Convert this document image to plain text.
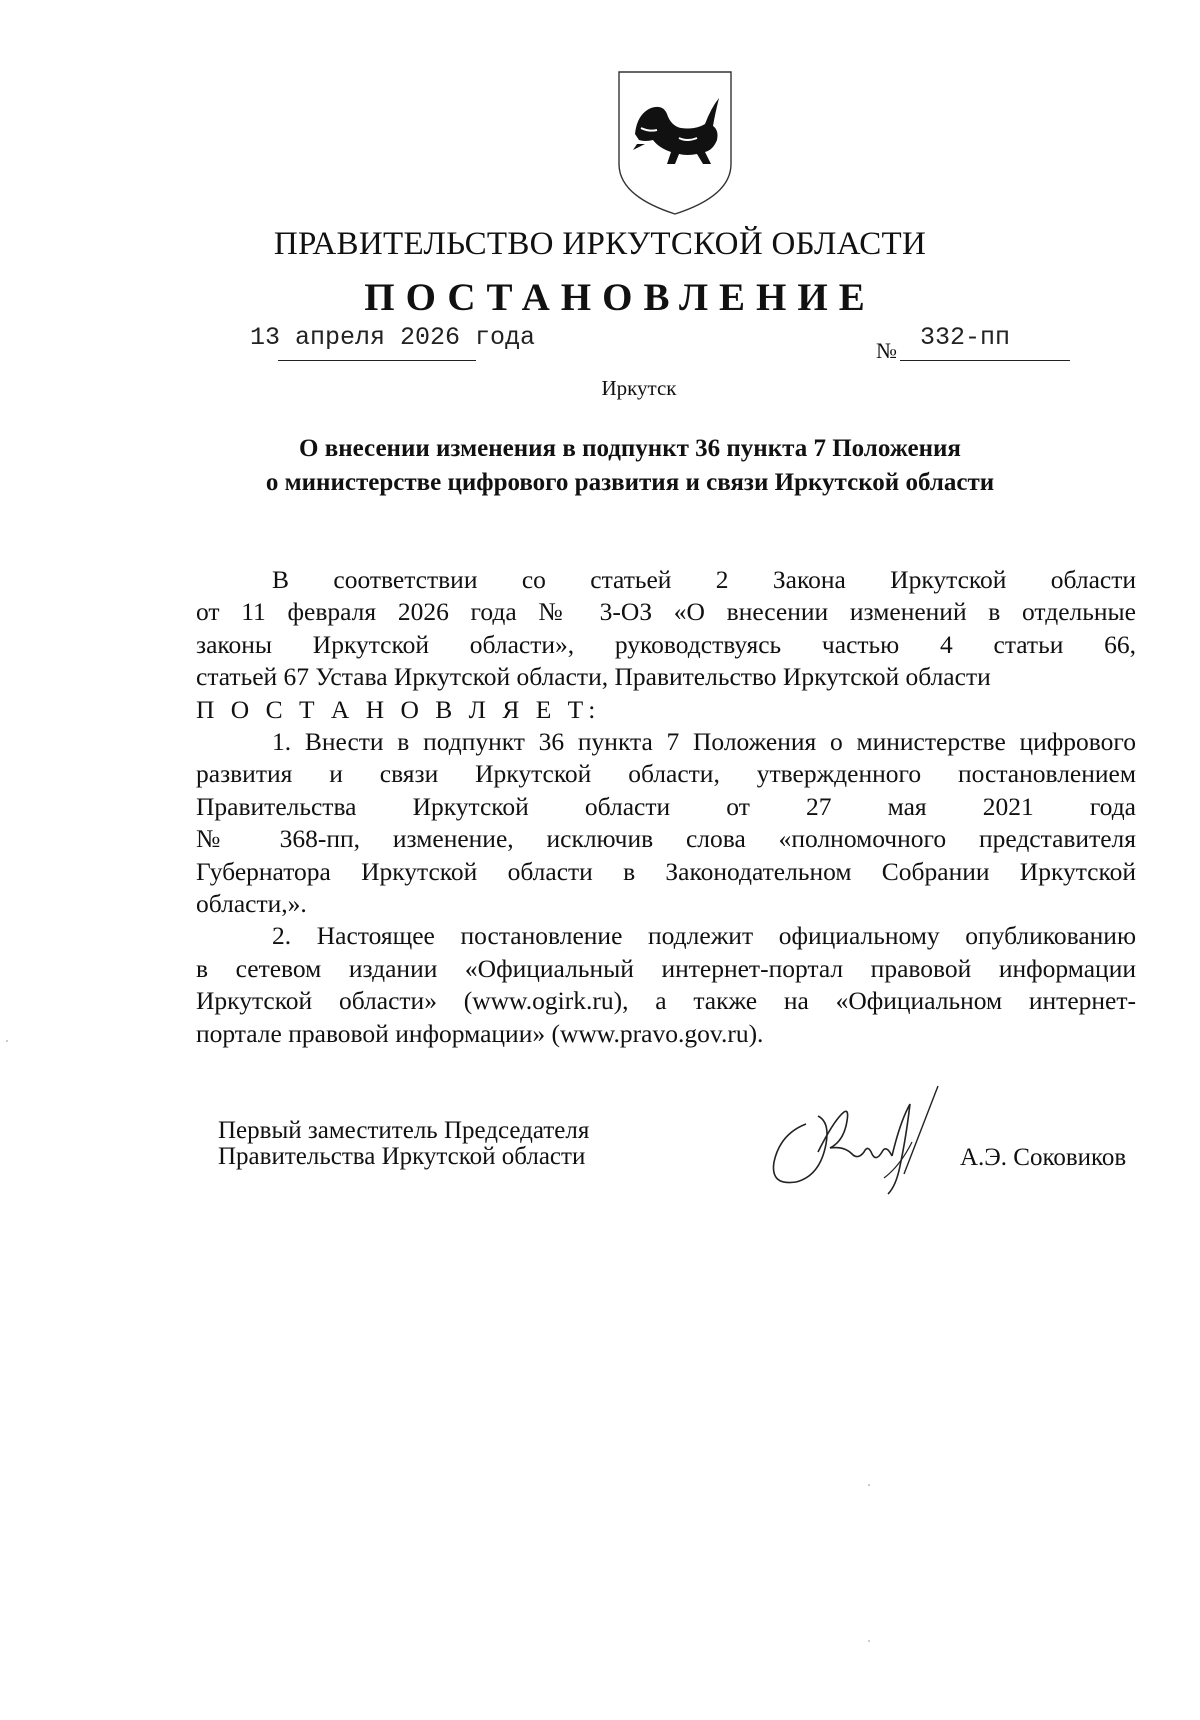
ПРАВИТЕЛЬСТВО ИРКУТСКОЙ ОБЛАСТИ
ПОСТАНОВЛЕНИЕ
13 апреля 2026 года	№ 332-пп
Иркутск
О внесении изменения в подпункт 36 пункта 7 Положения
о министерстве цифрового развития и связи Иркутской области

В соответствии со статьей 2 Закона Иркутской области

от 11 февраля 2026 года № 3-ОЗ «О внесении изменений в отдельные

законы Иркутской области», руководствуясь частью 4 статьи 66,

статьей 67 Устава Иркутской области, Правительство Иркутской области

П О С Т А Н О В Л Я Е Т:

1. Внести в подпункт 36 пункта 7 Положения о министерстве цифрового

развития и связи Иркутской области, утвержденного постановлением

Правительства Иркутской области от 27 мая 2021 года

№ 368-пп, изменение, исключив слова «полномочного представителя

Губернатора Иркутской области в Законодательном Собрании Иркутской

области,».

2. Настоящее постановление подлежит официальному опубликованию

в сетевом издании «Официальный интернет-портал правовой информации

Иркутской области» (www.ogirk.ru), а также на «Официальном интернет-

портале правовой информации» (www.pravo.gov.ru).

Первый заместитель Председателя
Правительства Иркутской области	А.Э. Соковиков
